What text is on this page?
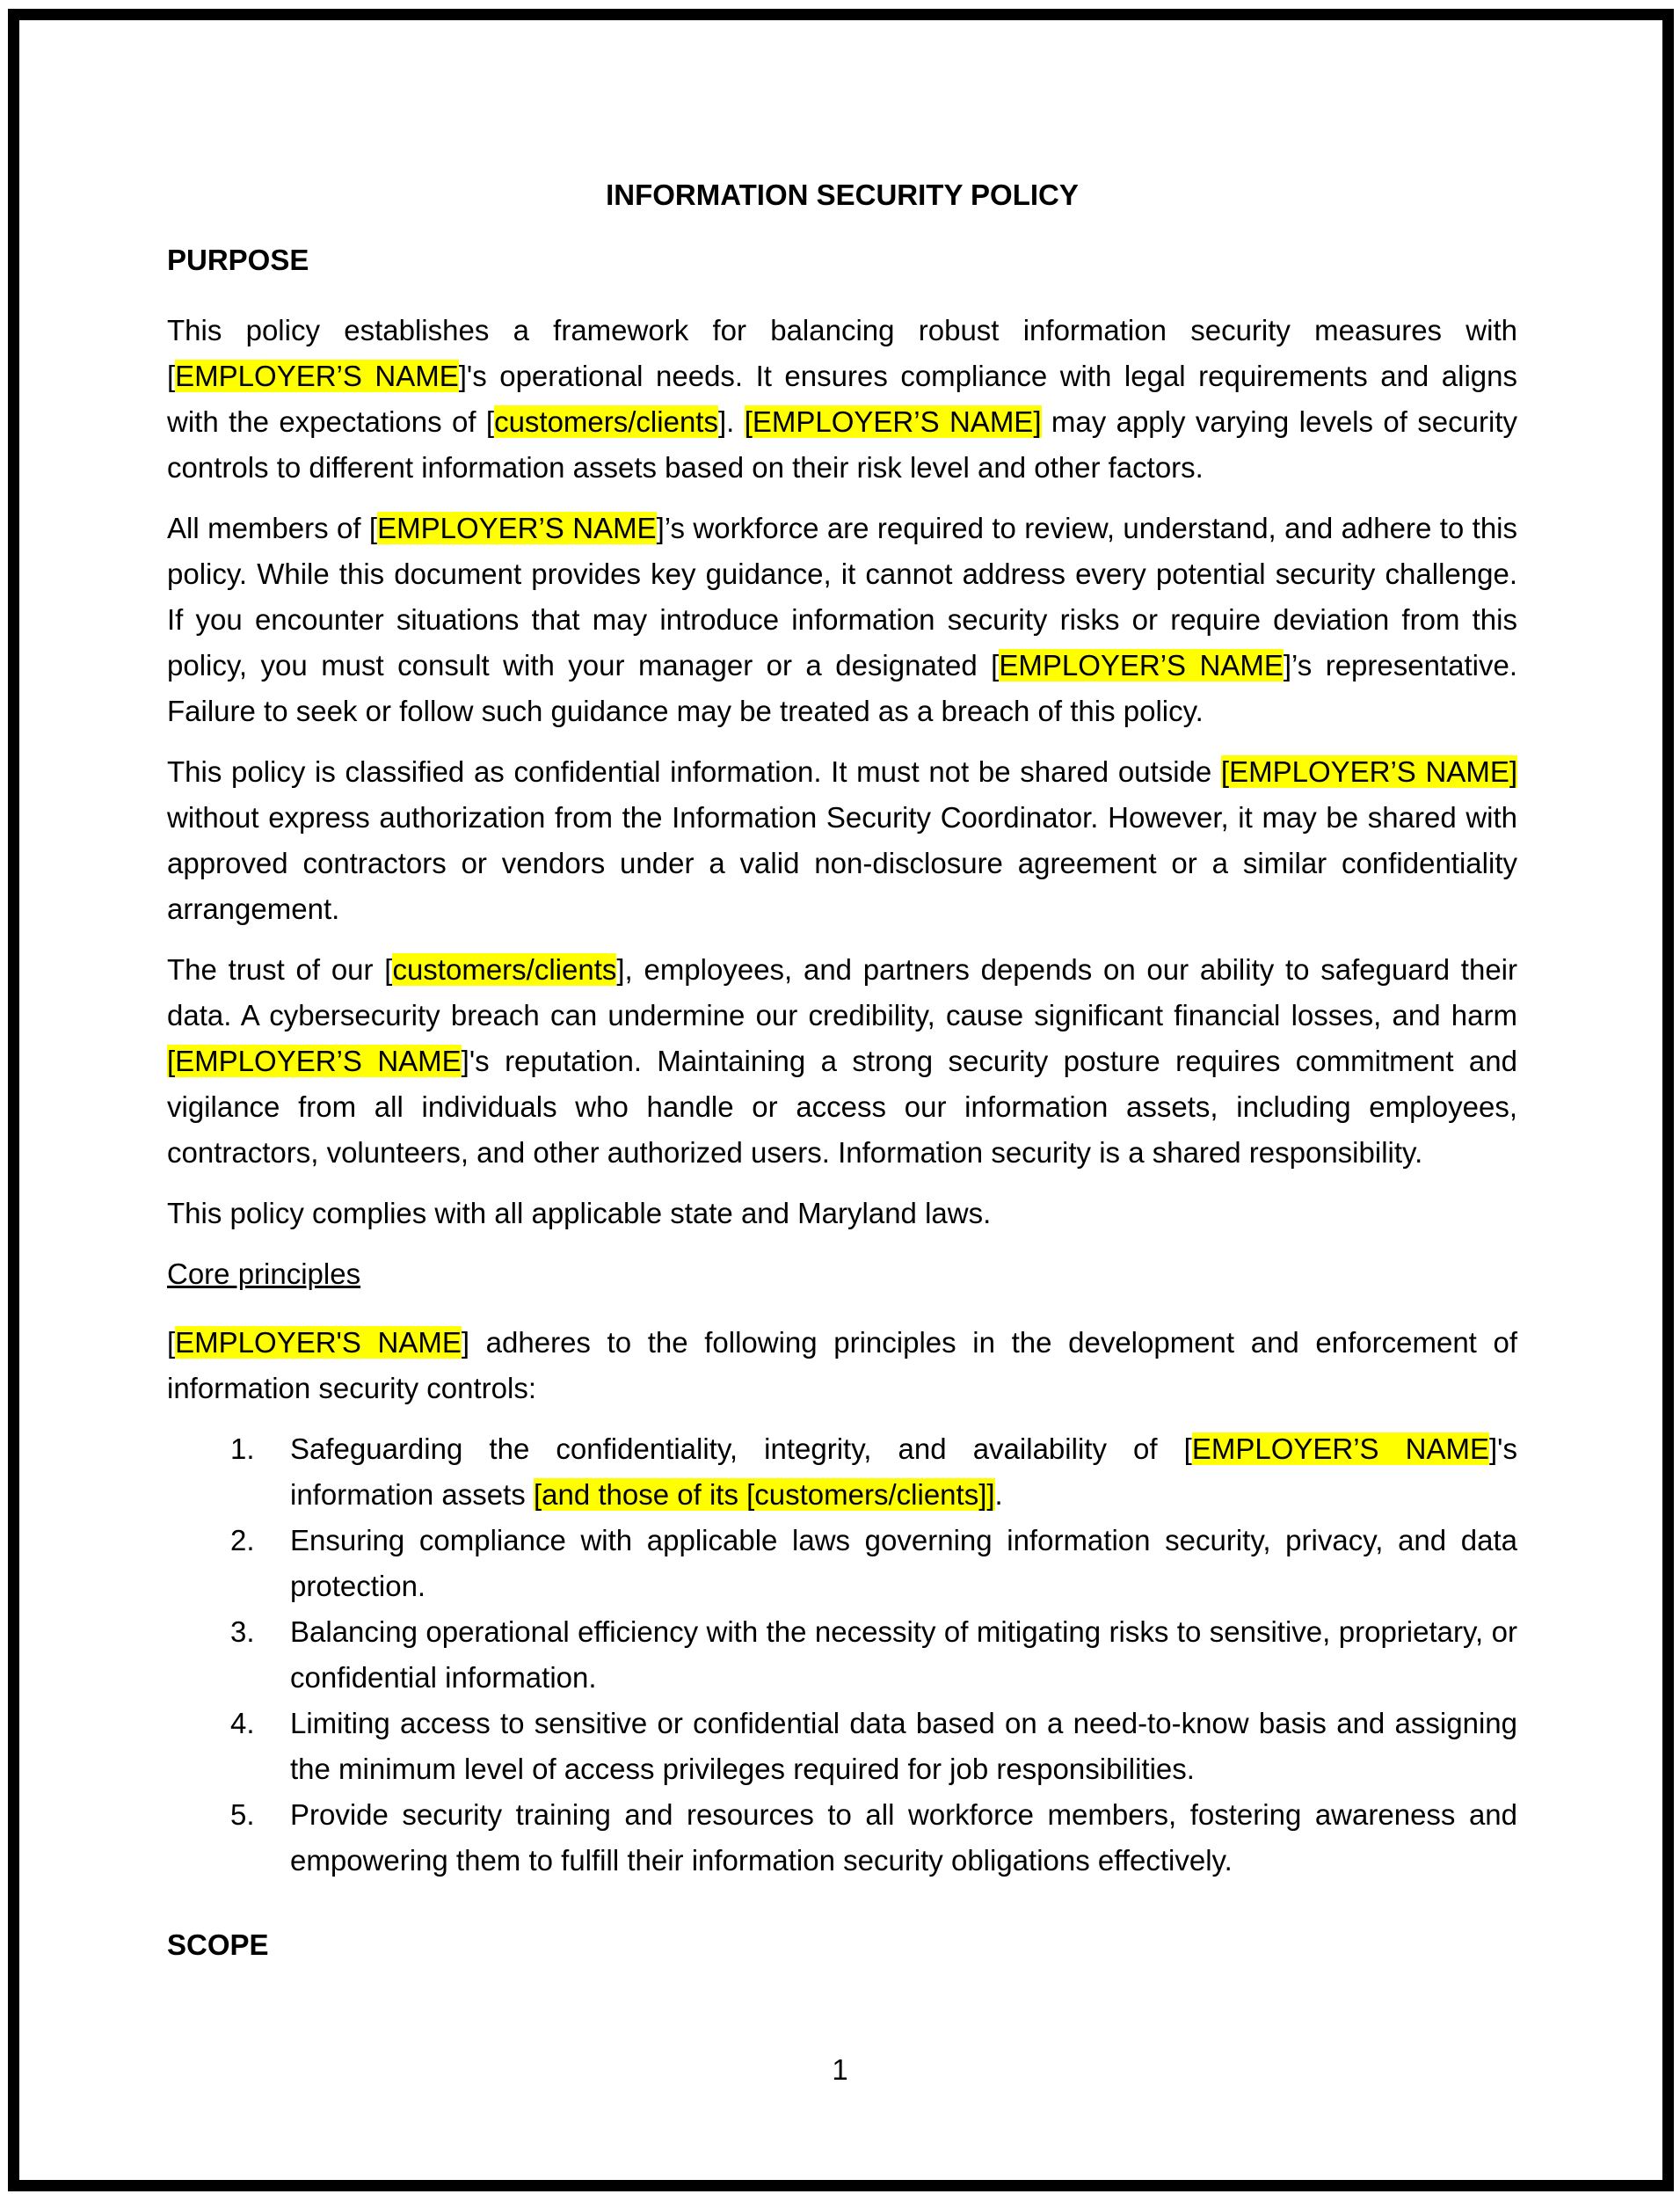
INFORMATION SECURITY POLICY
PURPOSE

This policy establishes a framework for balancing robust information security measures with [EMPLOYER’S NAME]'s operational needs. It ensures compliance with legal requirements and aligns with the expectations of [customers/clients]. [EMPLOYER’S NAME] may apply varying levels of security controls to different information assets based on their risk level and other factors.

All members of [EMPLOYER’S NAME]’s workforce are required to review, understand, and adhere to this policy. While this document provides key guidance, it cannot address every potential security challenge. If you encounter situations that may introduce information security risks or require deviation from this policy, you must consult with your manager or a designated [EMPLOYER’S NAME]’s representative. Failure to seek or follow such guidance may be treated as a breach of this policy.

This policy is classified as confidential information. It must not be shared outside [EMPLOYER’S NAME] without express authorization from the Information Security Coordinator. However, it may be shared with approved contractors or vendors under a valid non-disclosure agreement or a similar confidentiality arrangement.

The trust of our [customers/clients], employees, and partners depends on our ability to safeguard their data. A cybersecurity breach can undermine our credibility, cause significant financial losses, and harm [EMPLOYER’S NAME]'s reputation. Maintaining a strong security posture requires commitment and vigilance from all individuals who handle or access our information assets, including employees, contractors, volunteers, and other authorized users. Information security is a shared responsibility.

This policy complies with all applicable state and Maryland laws.

Core principles

[EMPLOYER'S NAME] adheres to the following principles in the development and enforcement of information security controls:

1. Safeguarding the confidentiality, integrity, and availability of [EMPLOYER’S NAME]'s information assets [and those of its [customers/clients]].
2. Ensuring compliance with applicable laws governing information security, privacy, and data protection.
3. Balancing operational efficiency with the necessity of mitigating risks to sensitive, proprietary, or confidential information.
4. Limiting access to sensitive or confidential data based on a need-to-know basis and assigning the minimum level of access privileges required for job responsibilities.
5. Provide security training and resources to all workforce members, fostering awareness and empowering them to fulfill their information security obligations effectively.
SCOPE
1
